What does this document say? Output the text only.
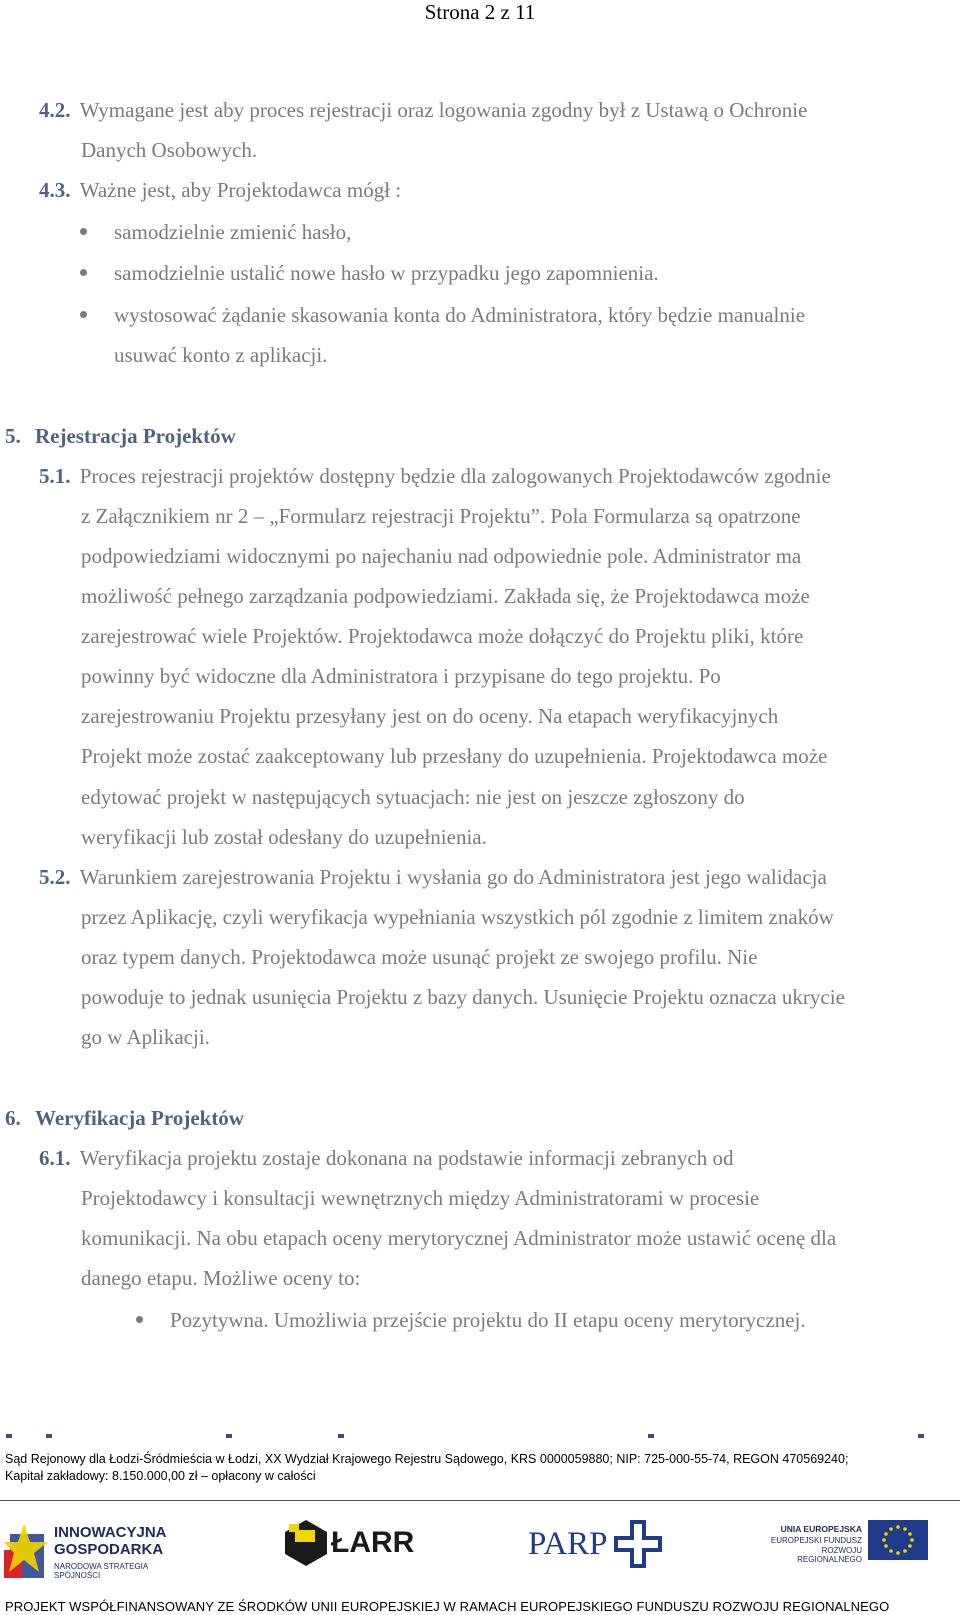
Strona 2 z 11
4.2. Wymagane jest aby proces rejestracji oraz logowania zgodny był z Ustawą o Ochronie
Danych Osobowych.
4.3. Ważne jest, aby Projektodawca mógł :
samodzielnie zmienić hasło,
samodzielnie ustalić nowe hasło w przypadku jego zapomnienia.
wystosować żądanie skasowania konta do Administratora, który będzie manualnie
usuwać konto z aplikacji.
5. Rejestracja Projektów
5.1. Proces rejestracji projektów dostępny będzie dla zalogowanych Projektodawców zgodnie
z Załącznikiem nr 2 – „Formularz rejestracji Projektu”. Pola Formularza są opatrzone
podpowiedziami widocznymi po najechaniu nad odpowiednie pole. Administrator ma
możliwość pełnego zarządzania podpowiedziami. Zakłada się, że Projektodawca może
zarejestrować wiele Projektów. Projektodawca może dołączyć do Projektu pliki, które
powinny być widoczne dla Administratora i przypisane do tego projektu. Po
zarejestrowaniu Projektu przesyłany jest on do oceny. Na etapach weryfikacyjnych
Projekt może zostać zaakceptowany lub przesłany do uzupełnienia. Projektodawca może
edytować projekt w następujących sytuacjach: nie jest on jeszcze zgłoszony do
weryfikacji lub został odesłany do uzupełnienia.
5.2. Warunkiem zarejestrowania Projektu i wysłania go do Administratora jest jego walidacja
przez Aplikację, czyli weryfikacja wypełniania wszystkich pól zgodnie z limitem znaków
oraz typem danych. Projektodawca może usunąć projekt ze swojego profilu. Nie
powoduje to jednak usunięcia Projektu z bazy danych. Usunięcie Projektu oznacza ukrycie
go w Aplikacji.
6. Weryfikacja Projektów
6.1. Weryfikacja projektu zostaje dokonana na podstawie informacji zebranych od
Projektodawcy i konsultacji wewnętrznych między Administratorami w procesie
komunikacji. Na obu etapach oceny merytorycznej Administrator może ustawić ocenę dla
danego etapu. Możliwe oceny to:
Pozytywna. Umożliwia przejście projektu do II etapu oceny merytorycznej.
Sąd Rejonowy dla Łodzi-Śródmieścia w Łodzi, XX Wydział Krajowego Rejestru Sądowego, KRS 0000059880; NIP: 725-000-55-74, REGON 470569240;
Kapitał zakładowy: 8.150.000,00 zł – opłacony w całości
INNOWACYJNA
GOSPODARKA
NARODOWA STRATEGIA SPÓJNOŚCI
ŁARR	PARP	UNIA EUROPEJSKA
EUROPEJSKI FUNDUSZ
ROZWOJU REGIONALNEGO
PROJEKT WSPÓŁFINANSOWANY ZE ŚRODKÓW UNII EUROPEJSKIEJ W RAMACH EUROPEJSKIEGO FUNDUSZU ROZWOJU REGIONALNEGO
